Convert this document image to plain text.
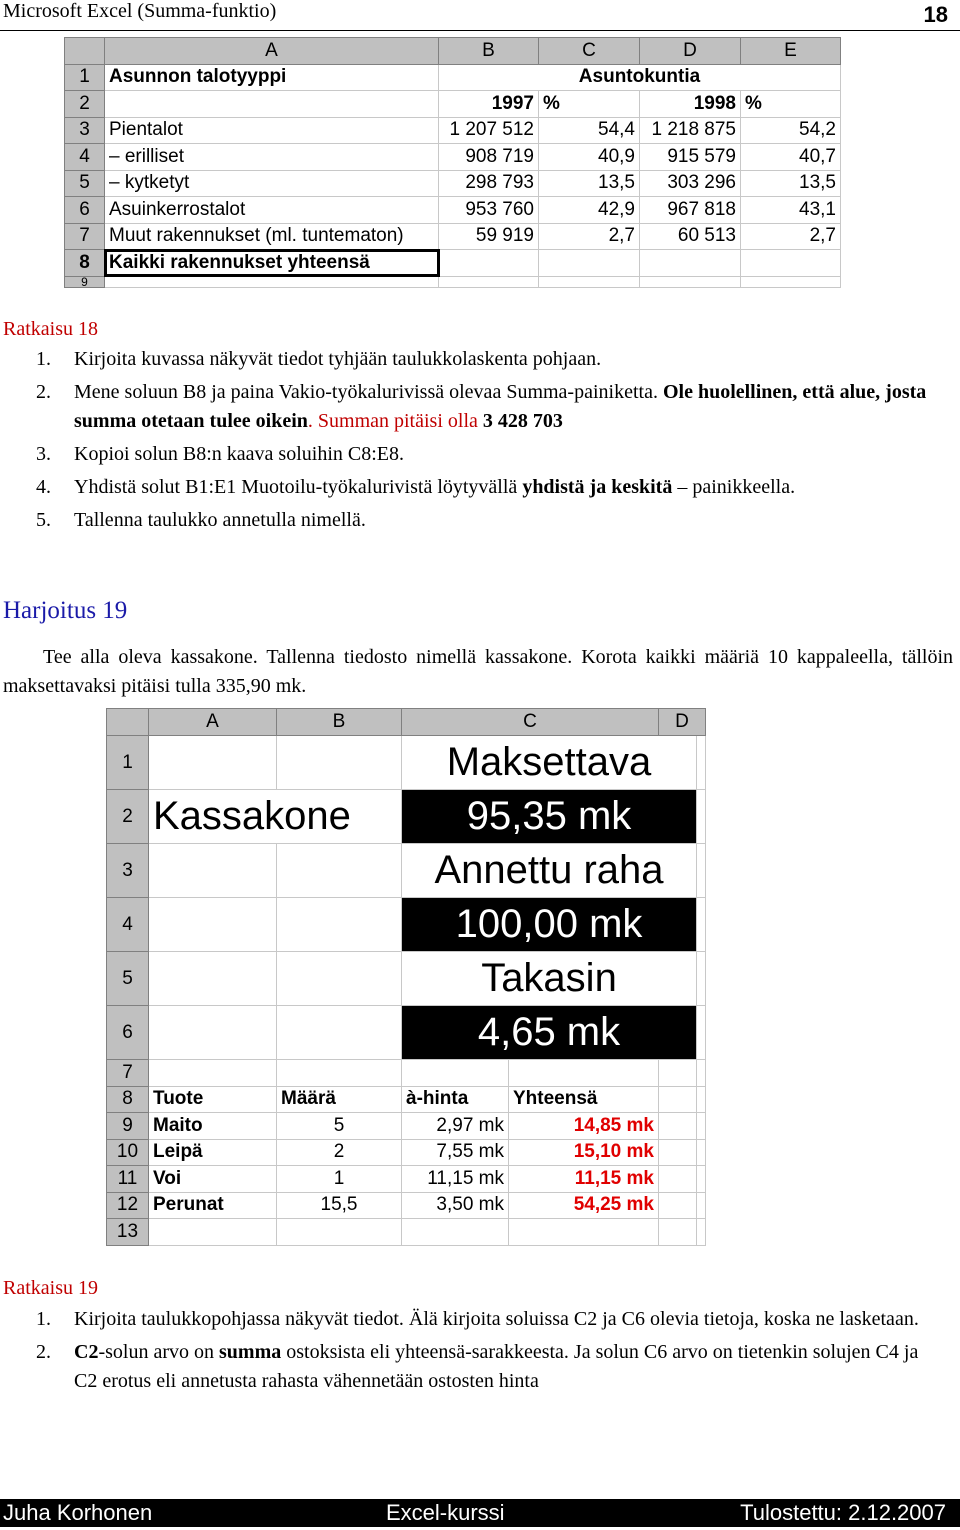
Microsoft Excel (Summa-funktio)	18
	A	B	C	D	E
1	Asunnon talotyyppi	Asuntokuntia			
2		1997	%	1998	%
3	Pientalot	1 207 512	54,4	1 218 875	54,2
4	– erilliset	908 719	40,9	915 579	40,7
5	– kytketyt	298 793	13,5	303 296	13,5
6	Asuinkerrostalot	953 760	42,9	967 818	43,1
7	Muut rakennukset (ml. tuntematon)	59 919	2,7	60 513	2,7
8	Kaikki rakennukset yhteensä				
9					
Ratkaisu 18
1. Kirjoita kuvassa näkyvät tiedot tyhjään taulukkolaskenta pohjaan.
2. Mene soluun B8 ja paina Vakio-työkalurivissä olevaa Summa-painiketta. Ole huolellinen, että alue, josta summa otetaan tulee oikein. Summan pitäisi olla 3 428 703
3. Kopioi solun B8:n kaava soluihin C8:E8.
4. Yhdistä solut B1:E1 Muotoilu-työkalurivistä löytyvällä yhdistä ja keskitä – painikkeella.
5. Tallenna taulukko annetulla nimellä.
Harjoitus 19
Tee alla oleva kassakone. Tallenna tiedosto nimellä kassakone. Korota kaikki määriä 10 kappaleella, tällöin maksettavaksi pitäisi tulla 335,90 mk.
	A	B	C		D	
1			Maksettava			
2	Kassakone		95,35 mk			
3			Annettu raha			
4			100,00 mk			
5			Takasin			
6			4,65 mk			
7						
8	Tuote	Määrä	à-hinta	Yhteensä		
9	Maito	5	2,97 mk	14,85 mk		
10	Leipä	2	7,55 mk	15,10 mk		
11	Voi	1	11,15 mk	11,15 mk		
12	Perunat	15,5	3,50 mk	54,25 mk		
13						
Ratkaisu 19
1. Kirjoita taulukkopohjassa näkyvät tiedot. Älä kirjoita soluissa C2 ja C6 olevia tietoja, koska ne lasketaan.
2. C2-solun arvo on summa ostoksista eli yhteensä-sarakkeesta. Ja solun C6 arvo on tietenkin solujen C4 ja C2 erotus eli annetusta rahasta vähennetään ostosten hinta
Juha Korhonen	Excel-kurssi	Tulostettu: 2.12.2007
